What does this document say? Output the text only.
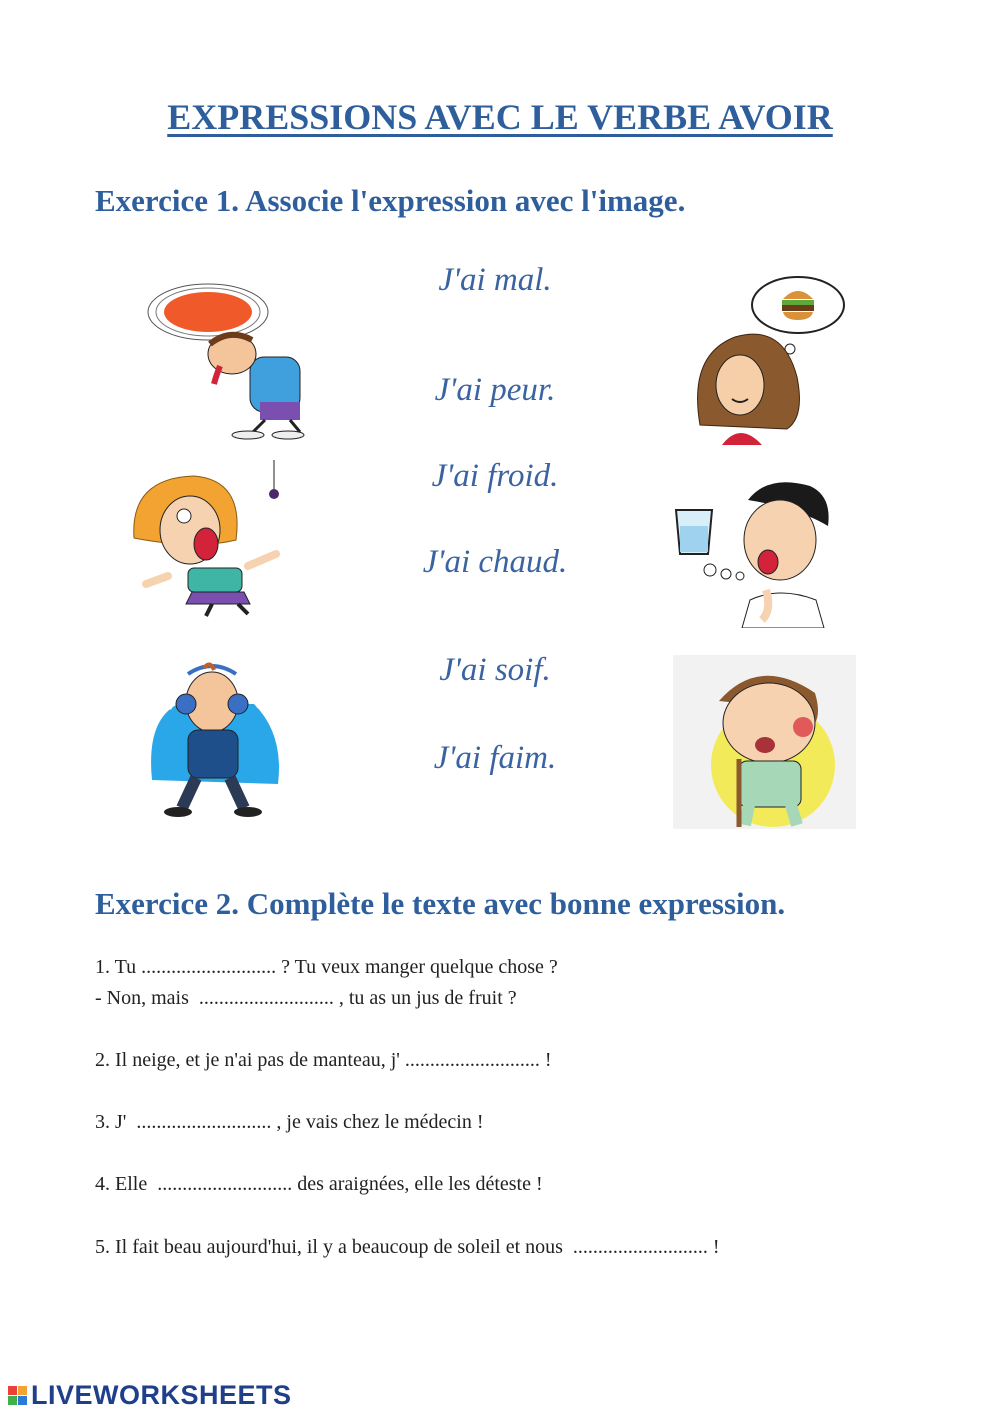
EXPRESSIONS AVEC LE VERBE AVOIR
Exercice 1. Associe l'expression avec l'image.
J'ai mal.
J'ai peur.
J'ai froid.
J'ai chaud.
J'ai soif.
J'ai faim.
Exercice 2. Complète le texte avec bonne expression.
1. Tu ........................... ? Tu veux manger quelque chose ?
- Non, mais  ........................... , tu as un jus de fruit ?
2. Il neige, et je n'ai pas de manteau, j' ........................... !
3. J'  ........................... , je vais chez le médecin !
4. Elle  ........................... des araignées, elle les déteste !
5. Il fait beau aujourd'hui, il y a beaucoup de soleil et nous  ........................... !
LIVEWORKSHEETS
